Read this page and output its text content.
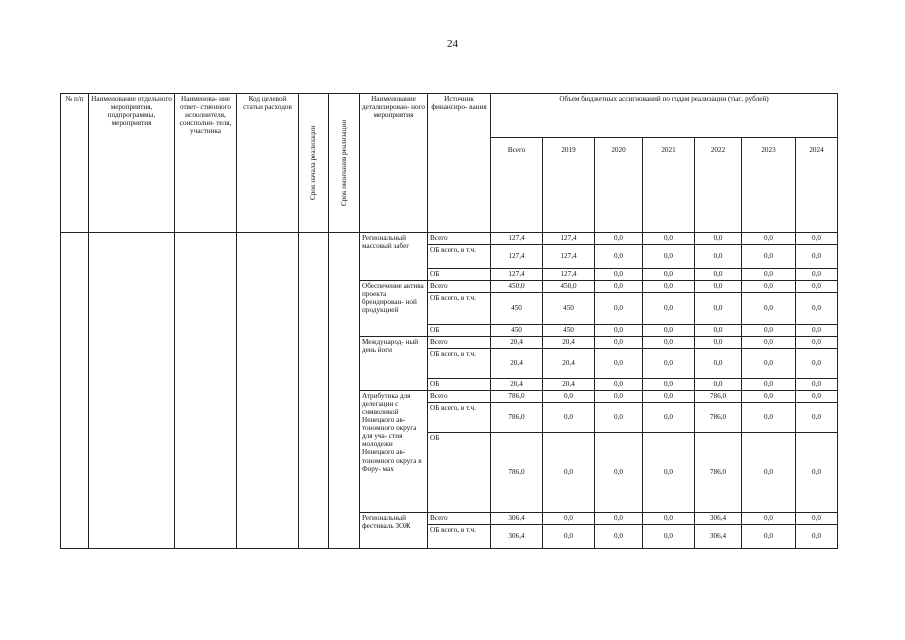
24
№ п/п	Наименование отдельного мероприятия, подпрограммы, мероприятия	Наименова- ние ответ- ственного исполнителя, соисполни- теля, участника	Код целевой статьи расходов	Срок начала реализации	Срок окончания реализации	Наименование детализирован- ного мероприятия	Источник финансиро- вания	Объем бюджетных ассигнований по годам реализации (тыс. рублей)						
								Всего	2019	2020	2021	2022	2023	2024
						Региональный массовый забег	Всего	127,4	127,4	0,0	0,0	0,0	0,0	0,0
							ОБ всего, в т.ч.	127,4	127,4	0,0	0,0	0,0	0,0	0,0
							ОБ	127,4	127,4	0,0	0,0	0,0	0,0	0,0
						Обеспечение актива проекта брендирован- ной продукцией	Всего	450,0	450,0	0,0	0,0	0,0	0,0	0,0
							ОБ всего, в т.ч.	450	450	0,0	0,0	0,0	0,0	0,0
							ОБ	450	450	0,0	0,0	0,0	0,0	0,0
						Международ- ный день йоги	Всего	20,4	20,4	0,0	0,0	0,0	0,0	0,0
							ОБ всего, в т.ч.	20,4	20,4	0,0	0,0	0,0	0,0	0,0
							ОБ	20,4	20,4	0,0	0,0	0,0	0,0	0,0
						Атрибутика для делегации с символикой Ненецкого ав- тономного округа для уча- стия молодежи Ненецкого ав- тономного округа в Фору- мах	Всего	786,0	0,0	0,0	0,0	786,0	0,0	0,0
							ОБ всего, в т.ч.	786,0	0,0	0,0	0,0	786,0	0,0	0,0
							ОБ	786,0	0,0	0,0	0,0	786,0	0,0	0,0
						Региональный фестиваль ЗОЖ	Всего	306,4	0,0	0,0	0,0	306,4	0,0	0,0
							ОБ всего, в т.ч.	306,4	0,0	0,0	0,0	306,4	0,0	0,0
